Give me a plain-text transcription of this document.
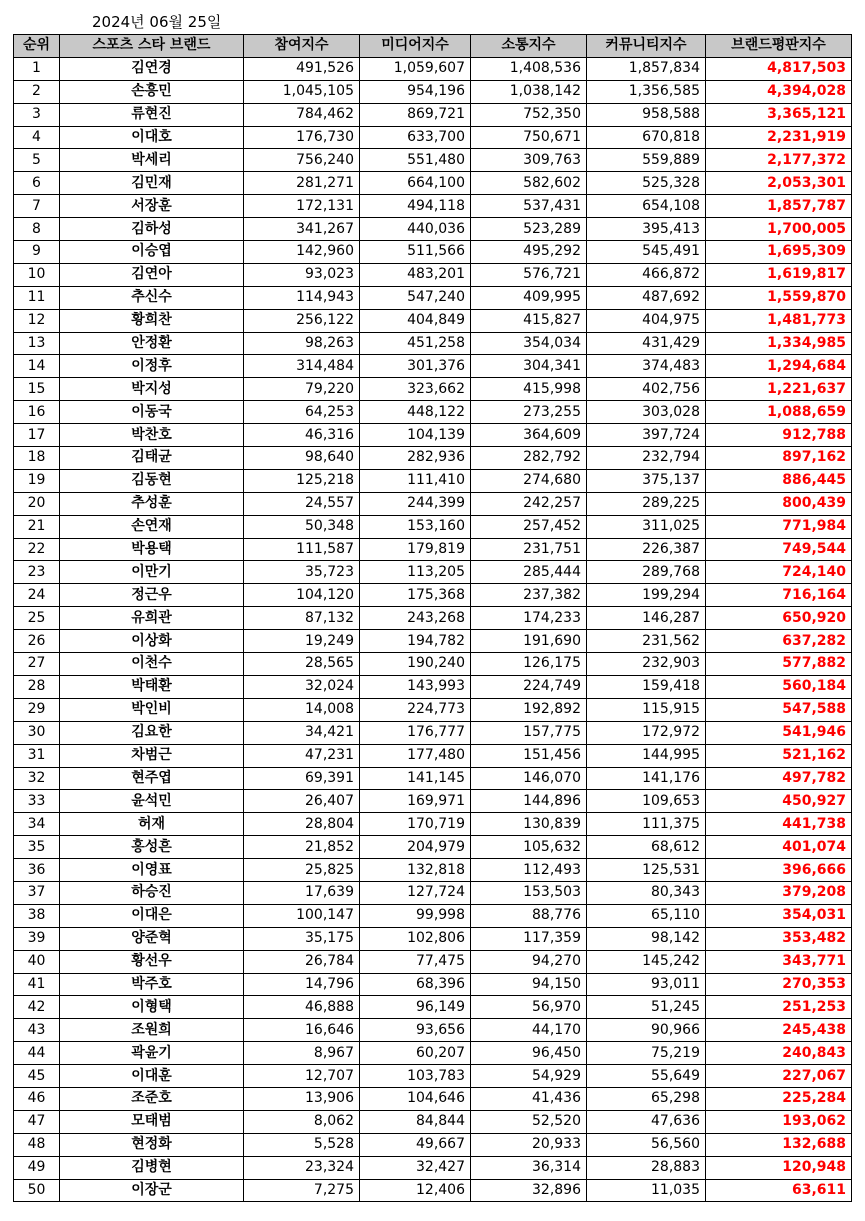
2024년 06월 25일
순위	스포츠 스타 브랜드	참여지수	미디어지수	소통지수	커뮤니티지수	브랜드평판지수
1	김연경	491,526	1,059,607	1,408,536	1,857,834	4,817,503
2	손흥민	1,045,105	954,196	1,038,142	1,356,585	4,394,028
3	류현진	784,462	869,721	752,350	958,588	3,365,121
4	이대호	176,730	633,700	750,671	670,818	2,231,919
5	박세리	756,240	551,480	309,763	559,889	2,177,372
6	김민재	281,271	664,100	582,602	525,328	2,053,301
7	서장훈	172,131	494,118	537,431	654,108	1,857,787
8	김하성	341,267	440,036	523,289	395,413	1,700,005
9	이승엽	142,960	511,566	495,292	545,491	1,695,309
10	김연아	93,023	483,201	576,721	466,872	1,619,817
11	추신수	114,943	547,240	409,995	487,692	1,559,870
12	황희찬	256,122	404,849	415,827	404,975	1,481,773
13	안정환	98,263	451,258	354,034	431,429	1,334,985
14	이정후	314,484	301,376	304,341	374,483	1,294,684
15	박지성	79,220	323,662	415,998	402,756	1,221,637
16	이동국	64,253	448,122	273,255	303,028	1,088,659
17	박찬호	46,316	104,139	364,609	397,724	912,788
18	김태균	98,640	282,936	282,792	232,794	897,162
19	김동현	125,218	111,410	274,680	375,137	886,445
20	추성훈	24,557	244,399	242,257	289,225	800,439
21	손연재	50,348	153,160	257,452	311,025	771,984
22	박용택	111,587	179,819	231,751	226,387	749,544
23	이만기	35,723	113,205	285,444	289,768	724,140
24	정근우	104,120	175,368	237,382	199,294	716,164
25	유희관	87,132	243,268	174,233	146,287	650,920
26	이상화	19,249	194,782	191,690	231,562	637,282
27	이천수	28,565	190,240	126,175	232,903	577,882
28	박태환	32,024	143,993	224,749	159,418	560,184
29	박인비	14,008	224,773	192,892	115,915	547,588
30	김요한	34,421	176,777	157,775	172,972	541,946
31	차범근	47,231	177,480	151,456	144,995	521,162
32	현주엽	69,391	141,145	146,070	141,176	497,782
33	윤석민	26,407	169,971	144,896	109,653	450,927
34	허재	28,804	170,719	130,839	111,375	441,738
35	홍성흔	21,852	204,979	105,632	68,612	401,074
36	이영표	25,825	132,818	112,493	125,531	396,666
37	하승진	17,639	127,724	153,503	80,343	379,208
38	이대은	100,147	99,998	88,776	65,110	354,031
39	양준혁	35,175	102,806	117,359	98,142	353,482
40	황선우	26,784	77,475	94,270	145,242	343,771
41	박주호	14,796	68,396	94,150	93,011	270,353
42	이형택	46,888	96,149	56,970	51,245	251,253
43	조원희	16,646	93,656	44,170	90,966	245,438
44	곽윤기	8,967	60,207	96,450	75,219	240,843
45	이대훈	12,707	103,783	54,929	55,649	227,067
46	조준호	13,906	104,646	41,436	65,298	225,284
47	모태범	8,062	84,844	52,520	47,636	193,062
48	현정화	5,528	49,667	20,933	56,560	132,688
49	김병현	23,324	32,427	36,314	28,883	120,948
50	이장군	7,275	12,406	32,896	11,035	63,611
